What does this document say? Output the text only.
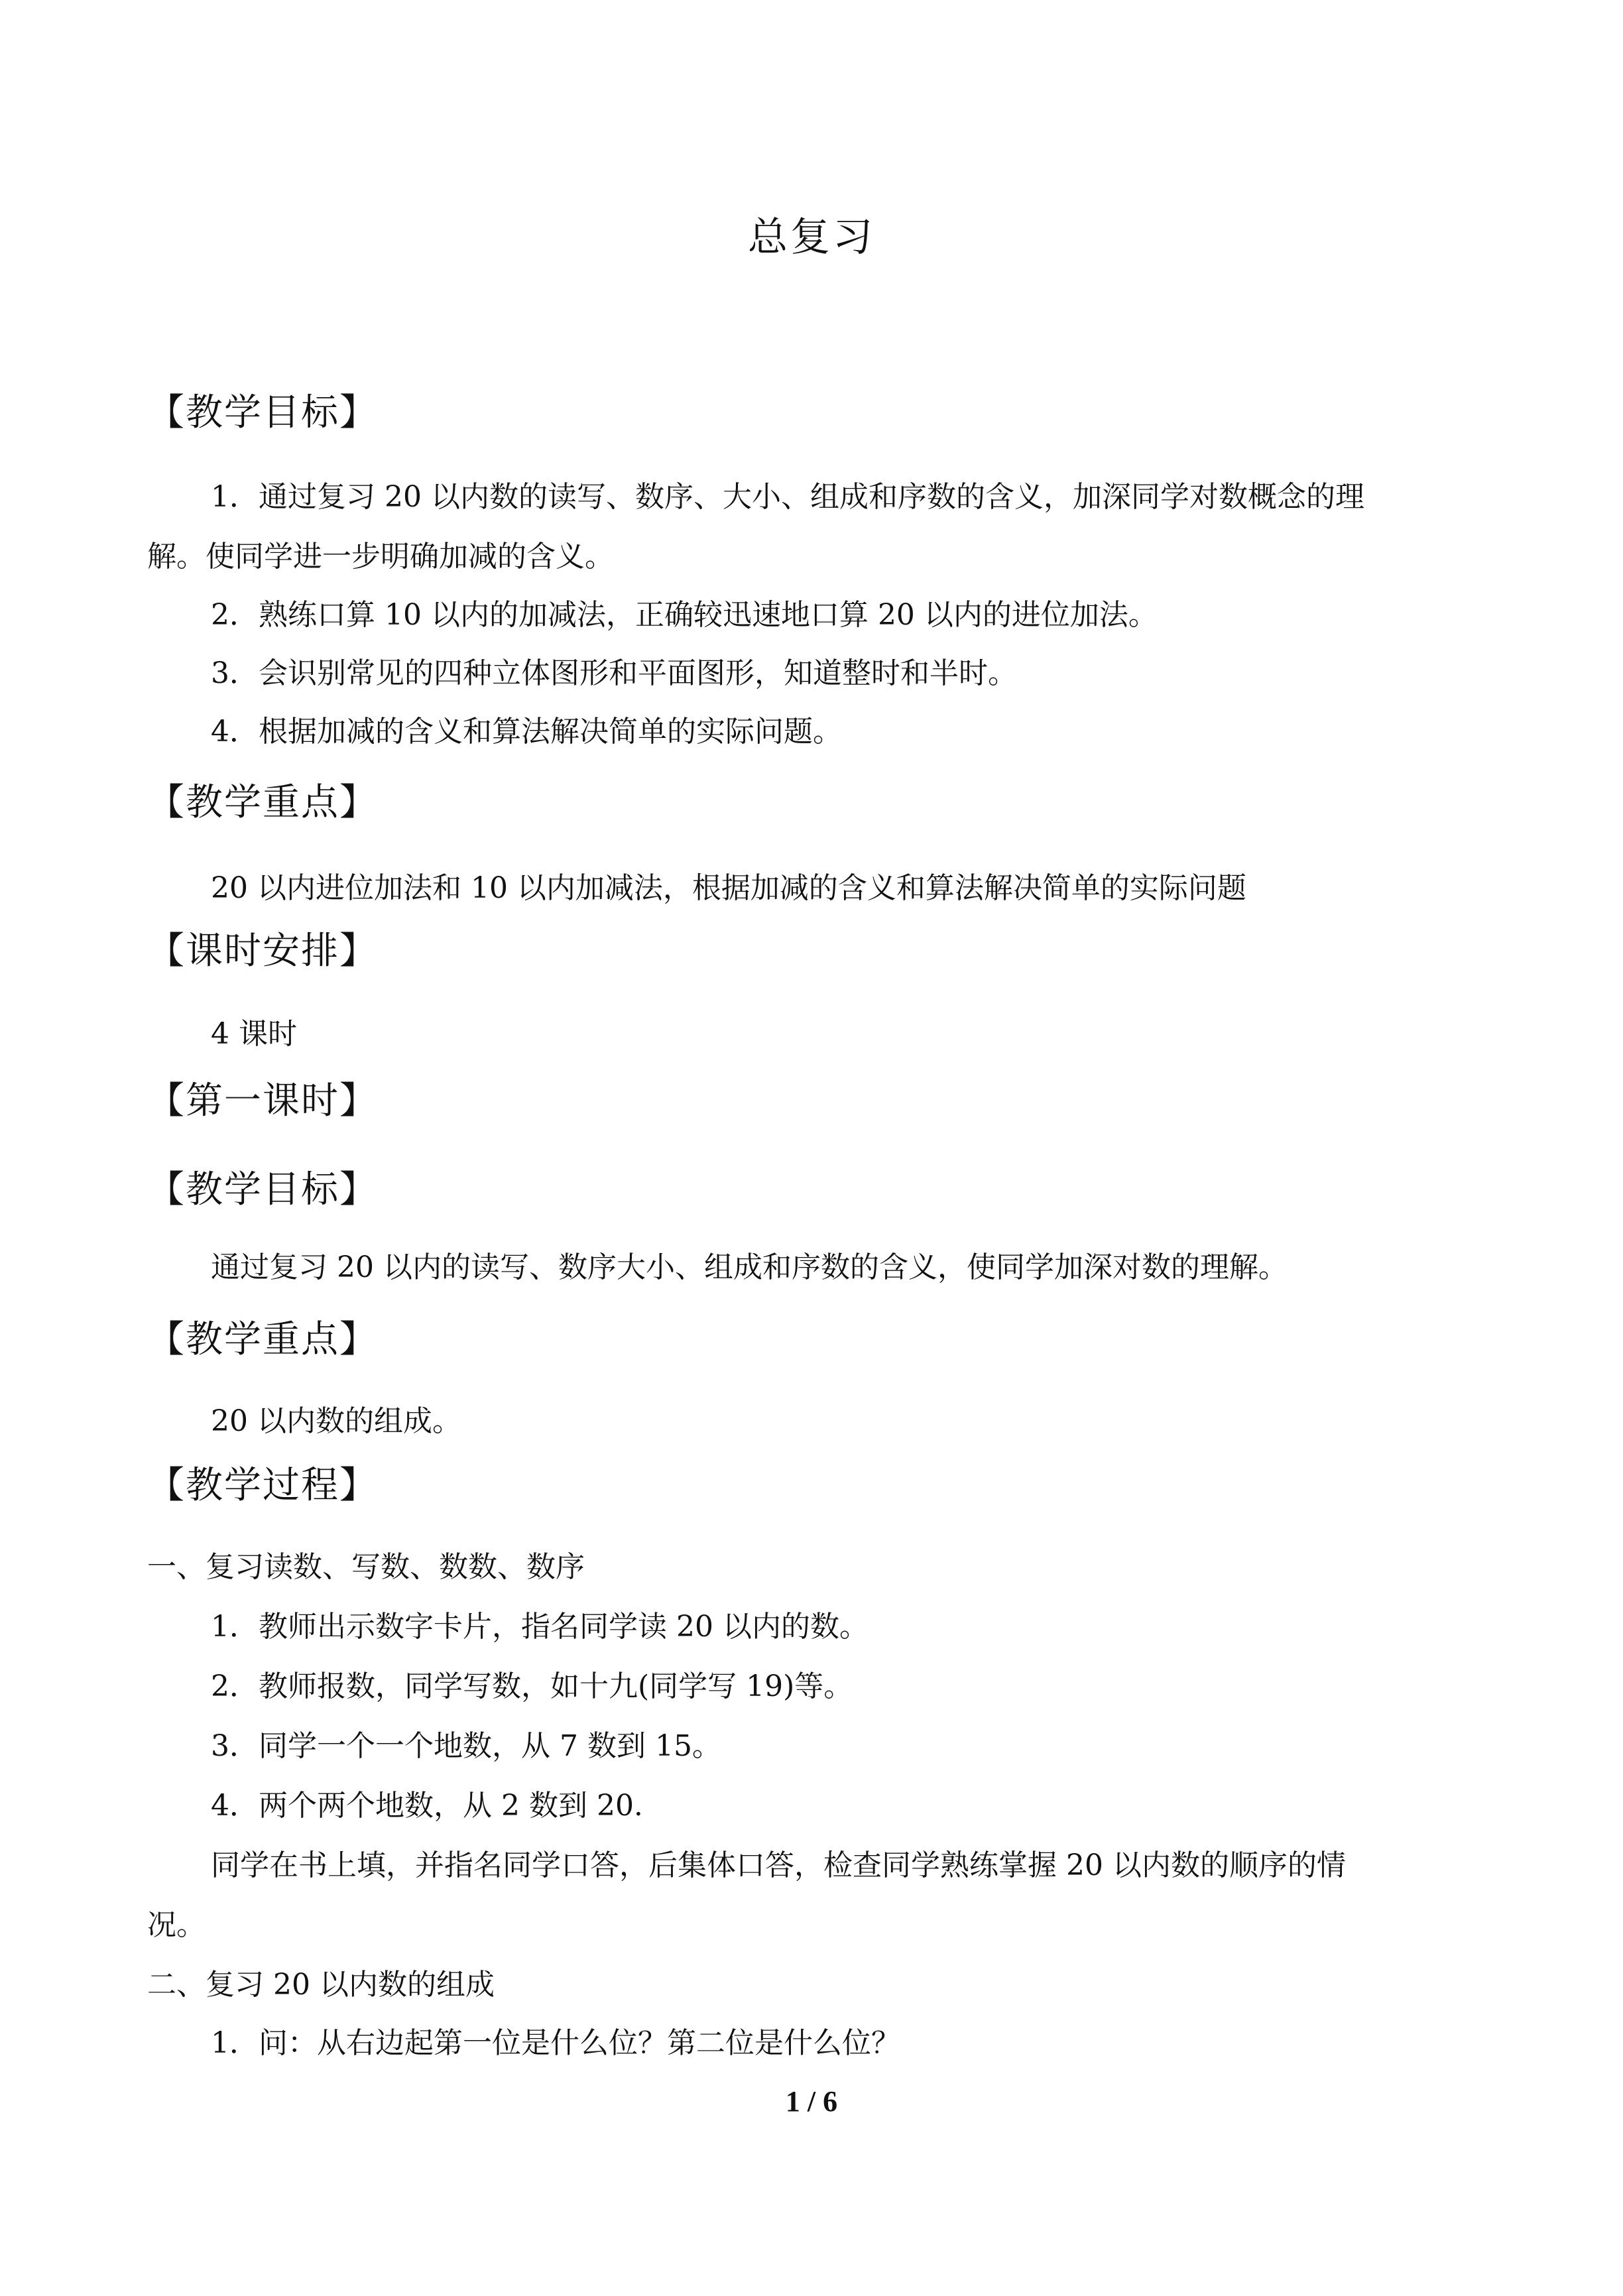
总复习
【教学目标】
1．通过复习 20 以内数的读写、数序、大小、组成和序数的含义，加深同学对数概念的理
解。使同学进一步明确加减的含义。
2．熟练口算 10 以内的加减法，正确较迅速地口算 20 以内的进位加法。
3．会识别常见的四种立体图形和平面图形，知道整时和半时。
4．根据加减的含义和算法解决简单的实际问题。
【教学重点】
20 以内进位加法和 10 以内加减法，根据加减的含义和算法解决简单的实际问题
【课时安排】
4 课时
【第一课时】
【教学目标】
通过复习 20 以内的读写、数序大小、组成和序数的含义，使同学加深对数的理解。
【教学重点】
20 以内数的组成。
【教学过程】
一、复习读数、写数、数数、数序
1．教师出示数字卡片，指名同学读 20 以内的数。
2．教师报数，同学写数，如十九(同学写 19)等。
3．同学一个一个地数，从 7 数到 15。
4．两个两个地数，从 2 数到 20.
同学在书上填，并指名同学口答，后集体口答，检查同学熟练掌握 20 以内数的顺序的情
况。
二、复习 20 以内数的组成
1．问：从右边起第一位是什么位？第二位是什么位？
1 / 6
